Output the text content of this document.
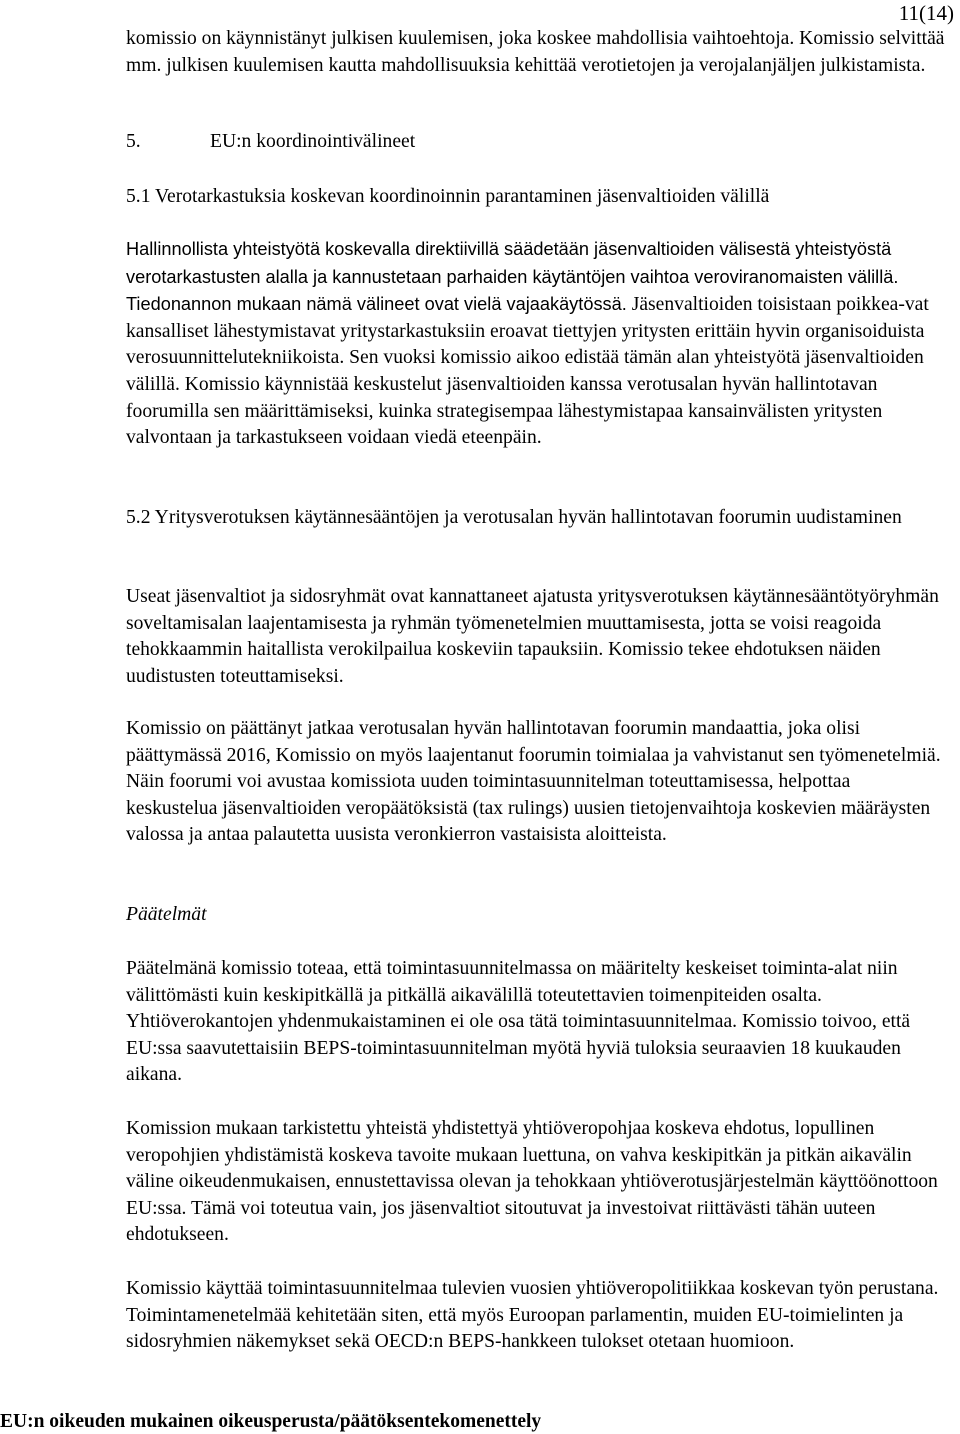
11(14)

komissio on käynnistänyt julkisen kuulemisen, joka koskee mahdollisia vaihtoehtoja. Komissio selvittää mm. julkisen kuulemisen kautta mahdollisuuksia kehittää verotietojen ja verojalanjäljen julkistamista.

5.	EU:n koordinointivälineet

5.1 Verotarkastuksia koskevan koordinoinnin parantaminen jäsenvaltioiden välillä

Hallinnollista yhteistyötä koskevalla direktiivillä säädetään jäsenvaltioiden välisestä yhteistyöstä verotarkastusten alalla ja kannustetaan parhaiden käytäntöjen vaihtoa veroviranomaisten välillä. Tiedonannon mukaan nämä välineet ovat vielä vajaakäytössä. Jäsenvaltioiden toisistaan poikkea-vat kansalliset lähestymistavat yritystarkastuksiin eroavat tiettyjen yritysten erittäin hyvin organisoiduista verosuunnittelutekniikoista. Sen vuoksi komissio aikoo edistää tämän alan yhteistyötä jäsenvaltioiden välillä. Komissio käynnistää keskustelut jäsenvaltioiden kanssa verotusalan hyvän hallintotavan foorumilla sen määrittämiseksi, kuinka strategisempaa lähestymistapaa kansainvälisten yritysten valvontaan ja tarkastukseen voidaan viedä eteenpäin.

5.2 Yritysverotuksen käytännesääntöjen ja verotusalan hyvän hallintotavan foorumin uudistaminen

Useat jäsenvaltiot ja sidosryhmät ovat kannattaneet ajatusta yritysverotuksen käytännesääntötyöryhmän soveltamisalan laajentamisesta ja ryhmän työmenetelmien muuttamisesta, jotta se voisi reagoida tehokkaammin haitallista verokilpailua koskeviin tapauksiin. Komissio tekee ehdotuksen näiden uudistusten toteuttamiseksi.

Komissio on päättänyt jatkaa verotusalan hyvän hallintotavan foorumin mandaattia, joka olisi päättymässä 2016, Komissio on myös laajentanut foorumin toimialaa ja vahvistanut sen työmenetelmiä. Näin foorumi voi avustaa komissiota uuden toimintasuunnitelman toteuttamisessa, helpottaa keskustelua jäsenvaltioiden veropäätöksistä (tax rulings) uusien tietojenvaihtoja koskevien määräysten valossa ja antaa palautetta uusista veronkierron vastaisista aloitteista.

Päätelmät

Päätelmänä komissio toteaa, että toimintasuunnitelmassa on määritelty keskeiset toiminta-alat niin välittömästi kuin keskipitkällä ja pitkällä aikavälillä toteutettavien toimenpiteiden osalta. Yhtiöverokantojen yhdenmukaistaminen ei ole osa tätä toimintasuunnitelmaa. Komissio toivoo, että EU:ssa saavutettaisiin BEPS-toimintasuunnitelman myötä hyviä tuloksia seuraavien 18 kuukauden aikana.

Komission mukaan tarkistettu yhteistä yhdistettyä yhtiöveropohjaa koskeva ehdotus, lopullinen veropohjien yhdistämistä koskeva tavoite mukaan luettuna, on vahva keskipitkän ja pitkän aikavälin väline oikeudenmukaisen, ennustettavissa olevan ja tehokkaan yhtiöverotusjärjestelmän käyttöönottoon EU:ssa. Tämä voi toteutua vain, jos jäsenvaltiot sitoutuvat ja investoivat riittävästi tähän uuteen ehdotukseen.

Komissio käyttää toimintasuunnitelmaa tulevien vuosien yhtiöveropolitiikkaa koskevan työn perustana. Toimintamenetelmää kehitetään siten, että myös Euroopan parlamentin, muiden EU-toimielinten ja sidosryhmien näkemykset sekä OECD:n BEPS-hankkeen tulokset otetaan huomioon.

EU:n oikeuden mukainen oikeusperusta/päätöksentekomenettely
